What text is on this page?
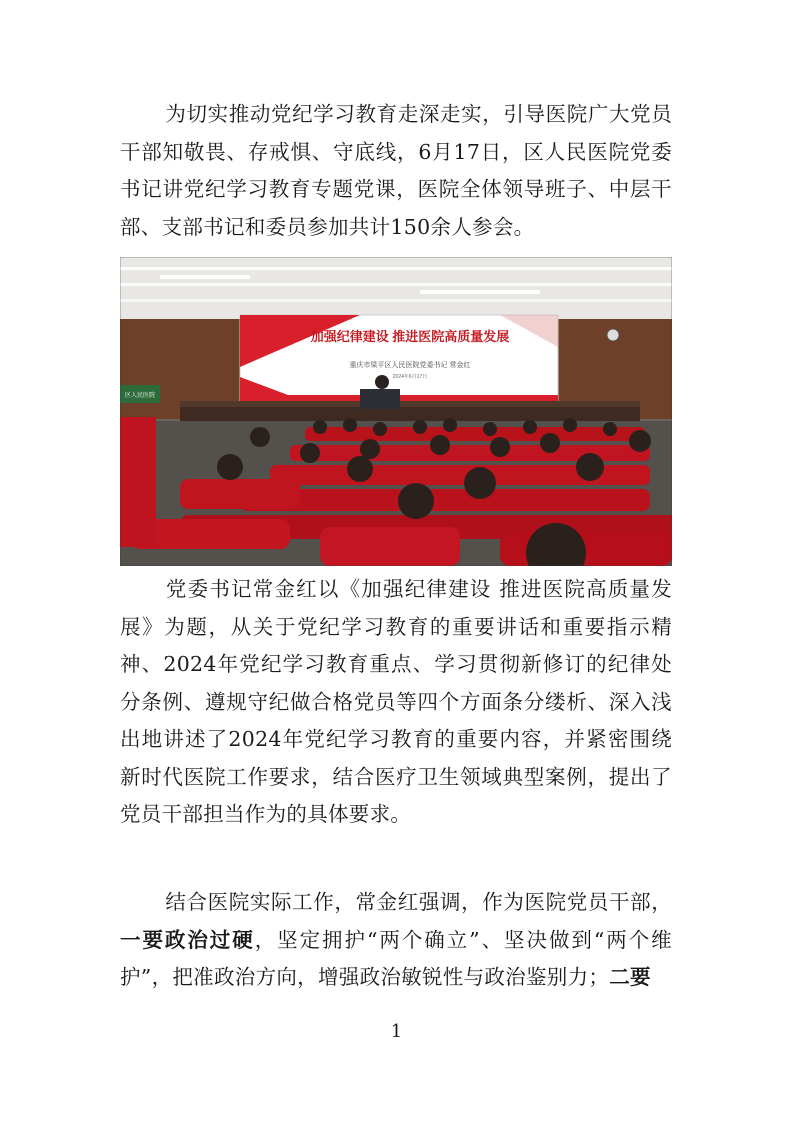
为切实推动党纪学习教育走深走实，引导医院广大党员干部知敬畏、存戒惧、守底线，6月17日，区人民医院党委书记讲党纪学习教育专题党课，医院全体领导班子、中层干部、支部书记和委员参加共计150余人参会。

加强纪律建设 推进医院高质量发展
重庆市梁平区人民医院党委书记 常金红
2024年6月17日
区人民医院

党委书记常金红以《加强纪律建设 推进医院高质量发展》为题，从关于党纪学习教育的重要讲话和重要指示精神、2024年党纪学习教育重点、学习贯彻新修订的纪律处分条例、遵规守纪做合格党员等四个方面条分缕析、深入浅出地讲述了2024年党纪学习教育的重要内容，并紧密围绕新时代医院工作要求，结合医疗卫生领域典型案例，提出了党员干部担当作为的具体要求。

结合医院实际工作，常金红强调，作为医院党员干部，一要政治过硬，坚定拥护“两个确立”、坚决做到“两个维护”，把准政治方向，增强政治敏锐性与政治鉴别力；二要

1
